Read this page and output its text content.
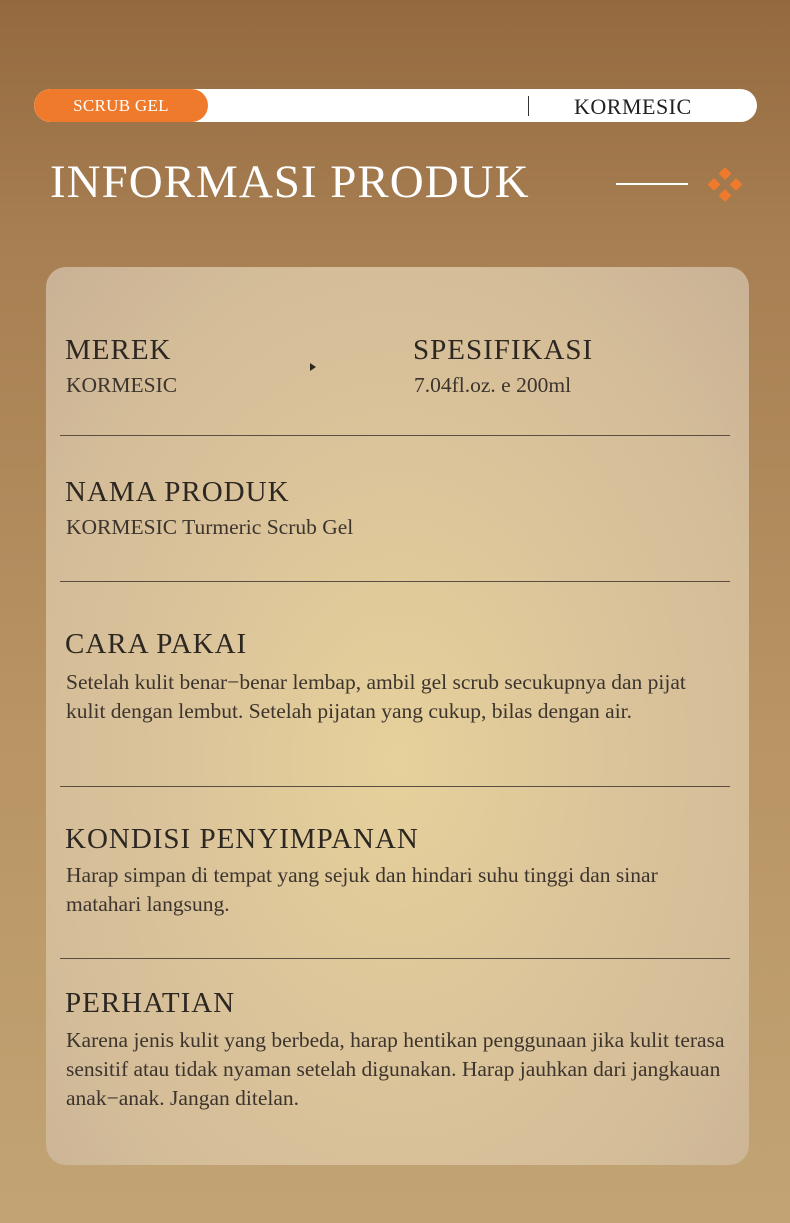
SCRUB GEL	KORMESIC
INFORMASI PRODUK
MEREK
KORMESIC
SPESIFIKASI
7.04fl.oz. e 200ml
NAMA PRODUK
KORMESIC Turmeric Scrub Gel
CARA PAKAI
Setelah kulit benar−benar lembap, ambil gel scrub secukupnya dan pijat kulit dengan lembut. Setelah pijatan yang cukup, bilas dengan air.
KONDISI PENYIMPANAN
Harap simpan di tempat yang sejuk dan hindari suhu tinggi dan sinar matahari langsung.
PERHATIAN
Karena jenis kulit yang berbeda, harap hentikan penggunaan jika kulit terasa sensitif atau tidak nyaman setelah digunakan. Harap jauhkan dari jangkauan anak−anak. Jangan ditelan.
